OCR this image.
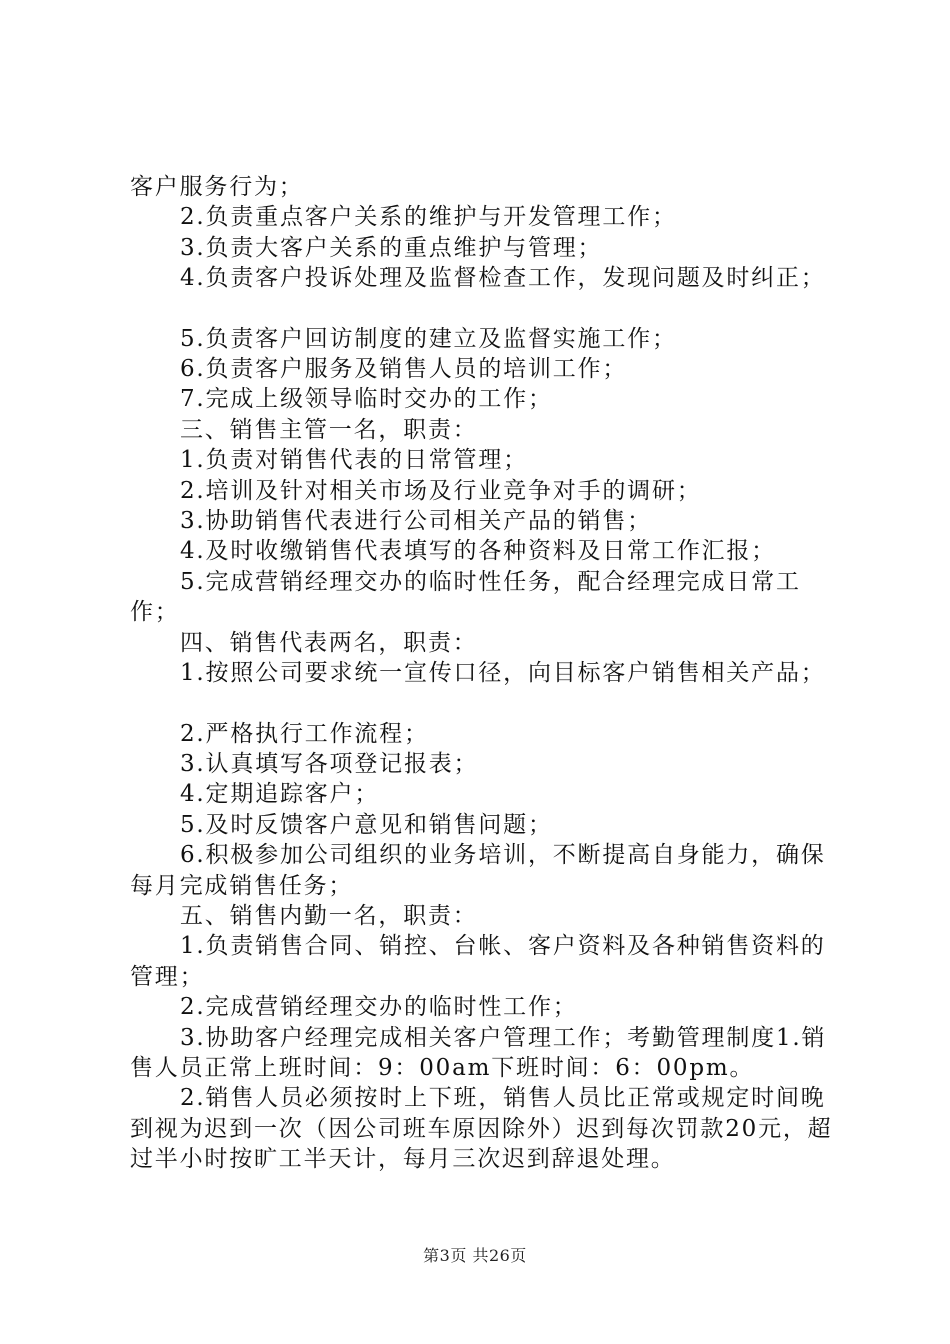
客户服务行为；

2.负责重点客户关系的维护与开发管理工作；

3.负责大客户关系的重点维护与管理；

4.负责客户投诉处理及监督检查工作，发现问题及时纠正；

5.负责客户回访制度的建立及监督实施工作；

6.负责客户服务及销售人员的培训工作；

7.完成上级领导临时交办的工作；

三、销售主管一名，职责：

1.负责对销售代表的日常管理；

2.培训及针对相关市场及行业竞争对手的调研；

3.协助销售代表进行公司相关产品的销售；

4.及时收缴销售代表填写的各种资料及日常工作汇报；

5.完成营销经理交办的临时性任务，配合经理完成日常工作；

四、销售代表两名，职责：

1.按照公司要求统一宣传口径，向目标客户销售相关产品；

2.严格执行工作流程；

3.认真填写各项登记报表；

4.定期追踪客户；

5.及时反馈客户意见和销售问题；

6.积极参加公司组织的业务培训，不断提高自身能力，确保每月完成销售任务；

五、销售内勤一名，职责：

1.负责销售合同、销控、台帐、客户资料及各种销售资料的管理；

2.完成营销经理交办的临时性工作；

3.协助客户经理完成相关客户管理工作；考勤管理制度1.销售人员正常上班时间：9：00am下班时间：6：00pm。

2.销售人员必须按时上下班，销售人员比正常或规定时间晚到视为迟到一次（因公司班车原因除外）迟到每次罚款20元，超过半小时按旷工半天计，每月三次迟到辞退处理。

第3页 共26页
